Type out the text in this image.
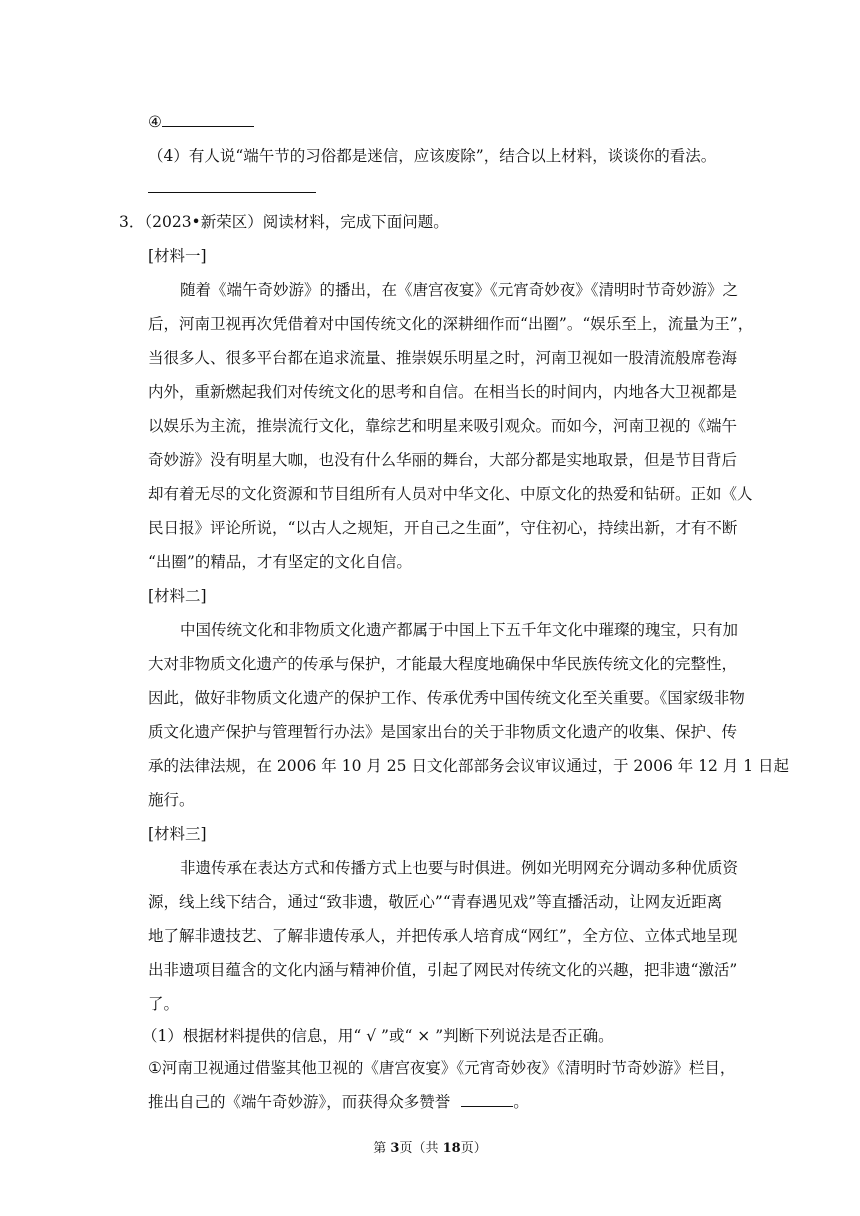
④
（4）有人说“端午节的习俗都是迷信，应该废除”，结合以上材料，谈谈你的看法。
3．（2023•新荣区）阅读材料，完成下面问题。
[材料一]
随着《端午奇妙游》的播出，在《唐宫夜宴》《元宵奇妙夜》《清明时节奇妙游》之
后，河南卫视再次凭借着对中国传统文化的深耕细作而“出圈”。“娱乐至上，流量为王”，
当很多人、很多平台都在追求流量、推崇娱乐明星之时，河南卫视如一股清流般席卷海
内外，重新燃起我们对传统文化的思考和自信。在相当长的时间内，内地各大卫视都是
以娱乐为主流，推崇流行文化，靠综艺和明星来吸引观众。而如今，河南卫视的《端午
奇妙游》没有明星大咖，也没有什么华丽的舞台，大部分都是实地取景，但是节目背后
却有着无尽的文化资源和节目组所有人员对中华文化、中原文化的热爱和钻研。正如《人
民日报》评论所说，“以古人之规矩，开自己之生面”，守住初心，持续出新，才有不断
“出圈”的精品，才有坚定的文化自信。
[材料二]
中国传统文化和非物质文化遗产都属于中国上下五千年文化中璀璨的瑰宝，只有加
大对非物质文化遗产的传承与保护，才能最大程度地确保中华民族传统文化的完整性，
因此，做好非物质文化遗产的保护工作、传承优秀中国传统文化至关重要。《国家级非物
质文化遗产保护与管理暂行办法》是国家出台的关于非物质文化遗产的收集、保护、传
承的法律法规，在 2006 年 10 月 25 日文化部部务会议审议通过，于 2006 年 12 月 1 日起
施行。
[材料三]
非遗传承在表达方式和传播方式上也要与时俱进。例如光明网充分调动多种优质资
源，线上线下结合，通过“致非遗，敬匠心”“青春遇见戏”等直播活动，让网友近距离
地了解非遗技艺、了解非遗传承人，并把传承人培育成“网红”，全方位、立体式地呈现
出非遗项目蕴含的文化内涵与精神价值，引起了网民对传统文化的兴趣，把非遗“激活”
了。
（1）根据材料提供的信息，用“ √ ”或“ × ”判断下列说法是否正确。
①河南卫视通过借鉴其他卫视的《唐宫夜宴》《元宵奇妙夜》《清明时节奇妙游》栏目，
推出自己的《端午奇妙游》，而获得众多赞誉	。
第 3页（共 18页）
